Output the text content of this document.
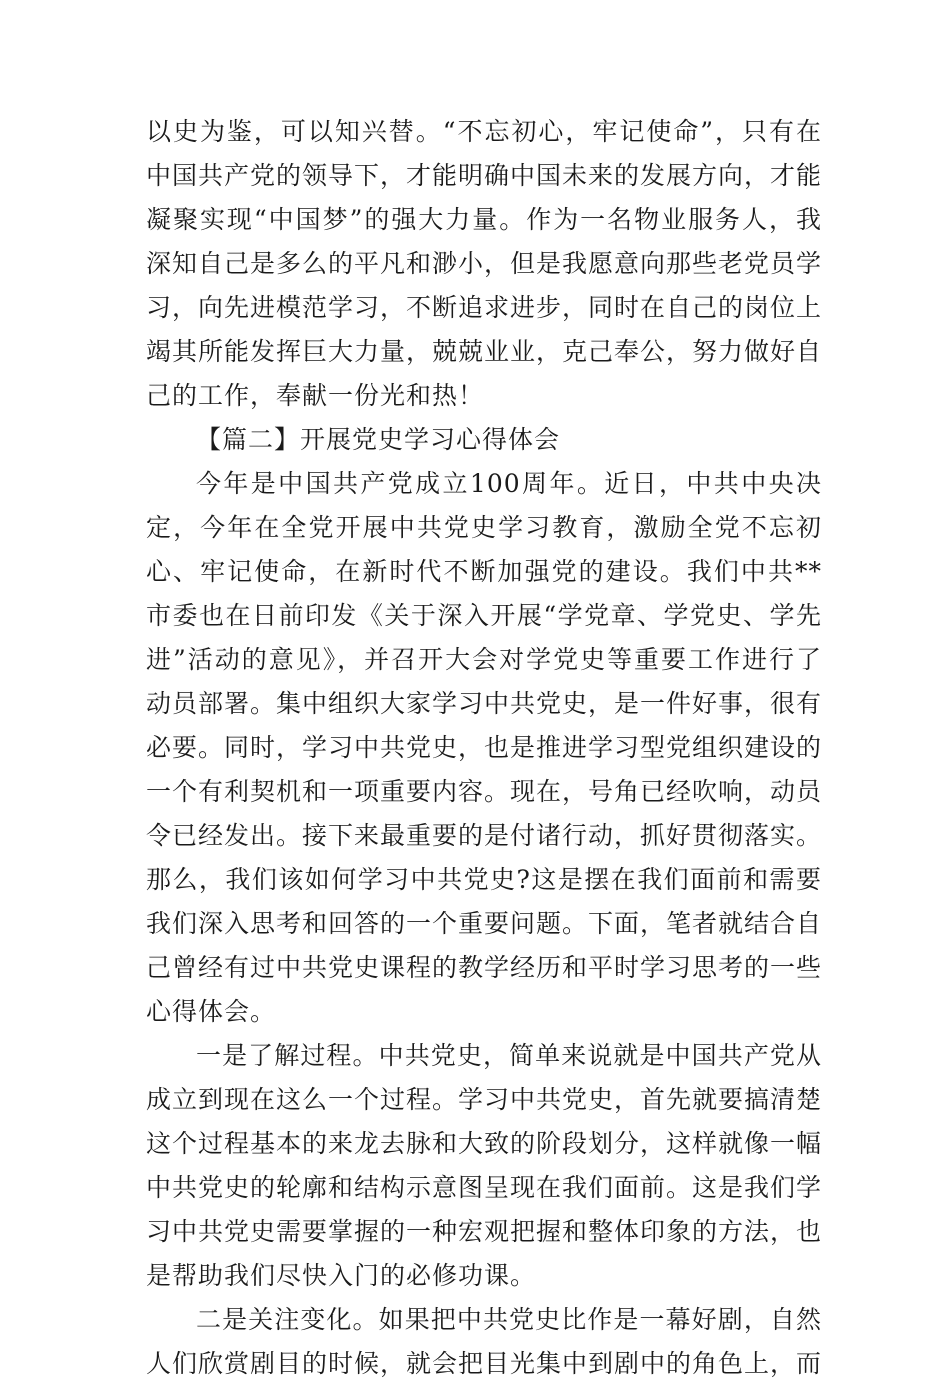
以史为鉴，可以知兴替。“不忘初心，牢记使命”，只有在中国共产党的领导下，才能明确中国未来的发展方向，才能凝聚实现“中国梦”的强大力量。作为一名物业服务人，我深知自己是多么的平凡和渺小，但是我愿意向那些老党员学习，向先进模范学习，不断追求进步，同时在自己的岗位上竭其所能发挥巨大力量，兢兢业业，克己奉公，努力做好自己的工作，奉献一份光和热！

【篇二】开展党史学习心得体会

今年是中国共产党成立100周年。近日，中共中央决定，今年在全党开展中共党史学习教育，激励全党不忘初心、牢记使命，在新时代不断加强党的建设。我们中共**市委也在日前印发《关于深入开展“学党章、学党史、学先进”活动的意见》，并召开大会对学党史等重要工作进行了动员部署。集中组织大家学习中共党史，是一件好事，很有必要。同时，学习中共党史，也是推进学习型党组织建设的一个有利契机和一项重要内容。现在，号角已经吹响，动员令已经发出。接下来最重要的是付诸行动，抓好贯彻落实。那么，我们该如何学习中共党史?这是摆在我们面前和需要我们深入思考和回答的一个重要问题。下面，笔者就结合自己曾经有过中共党史课程的教学经历和平时学习思考的一些心得体会。

一是了解过程。中共党史，简单来说就是中国共产党从成立到现在这么一个过程。学习中共党史，首先就要搞清楚这个过程基本的来龙去脉和大致的阶段划分，这样就像一幅中共党史的轮廓和结构示意图呈现在我们面前。这是我们学习中共党史需要掌握的一种宏观把握和整体印象的方法，也是帮助我们尽快入门的必修功课。

二是关注变化。如果把中共党史比作是一幕好剧，自然人们欣赏剧目的时候，就会把目光集中到剧中的角色上，而
